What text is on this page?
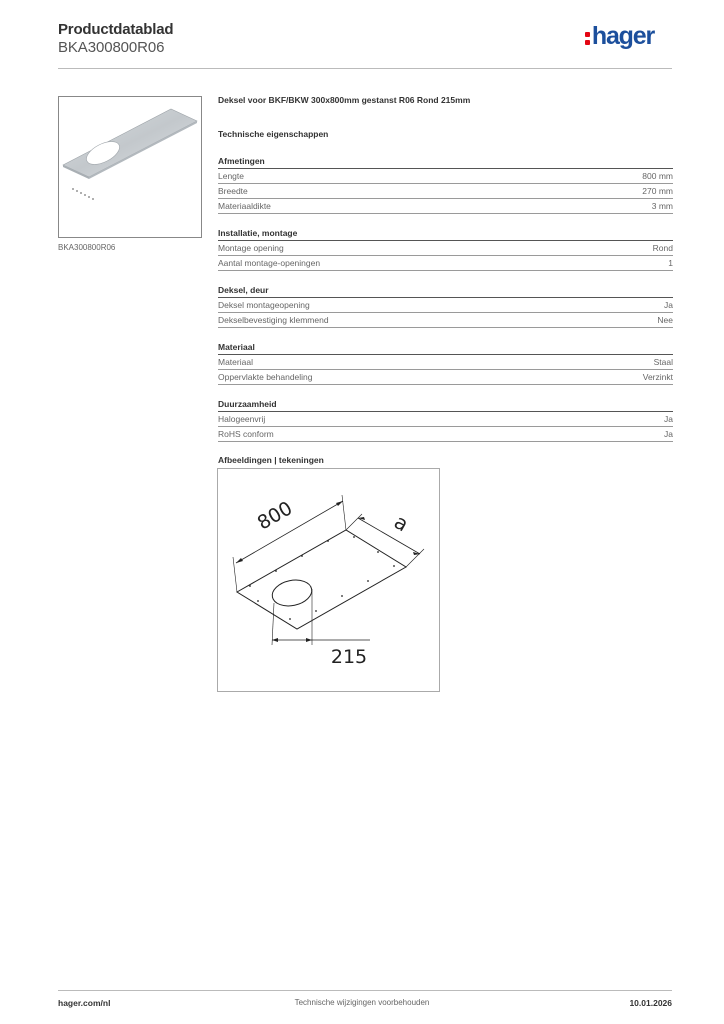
Productdatablad
BKA300800R06	hager
BKA300800R06
Deksel voor BKF/BKW 300x800mm gestanst R06 Rond 215mm
Technische eigenschappen
Afmetingen
Lengte	800 mm
Breedte	270 mm
Materiaaldikte	3 mm
Installatie, montage
Montage opening	Rond
Aantal montage-openingen	1
Deksel, deur
Deksel montageopening	Ja
Dekselbevestiging klemmend	Nee
Materiaal
Materiaal	Staal
Oppervlakte behandeling	Verzinkt
Duurzaamheid
Halogeenvrij	Ja
RoHS conform	Ja
Afbeeldingen | tekeningen
800	a
215
hager.com/nl	Technische wijzigingen voorbehouden	10.01.2026
